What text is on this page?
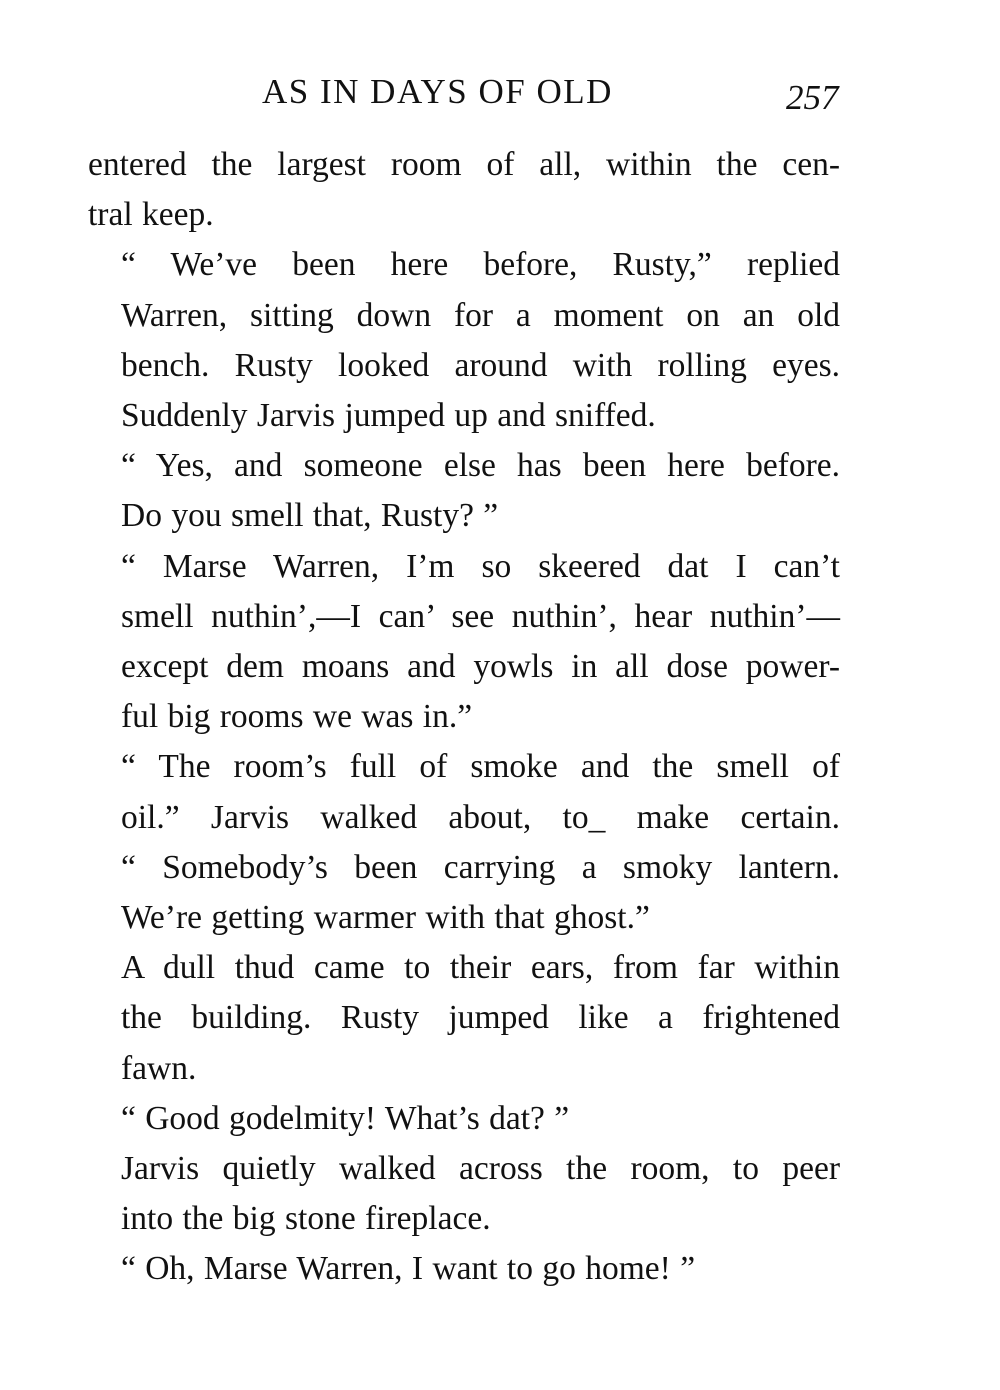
AS IN DAYS OF OLD	257

entered the largest room of all, within the cen-
tral keep.

“ We’ve been here before, Rusty,” replied
Warren, sitting down for a moment on an old
bench. Rusty looked around with rolling eyes.

Suddenly Jarvis jumped up and sniffed.

“ Yes, and someone else has been here before.
Do you smell that, Rusty? ”

“ Marse Warren, I’m so skeered dat I can’t
smell nuthin’,—I can’ see nuthin’, hear nuthin’—
except dem moans and yowls in all dose power-
ful big rooms we was in.”

“ The room’s full of smoke and the smell of
oil.” Jarvis walked about, to_ make certain.
“ Somebody’s been carrying a smoky lantern.
We’re getting warmer with that ghost.”

A dull thud came to their ears, from far within
the building. Rusty jumped like a frightened
fawn.

“ Good godelmity! What’s dat? ”

Jarvis quietly walked across the room, to peer
into the big stone fireplace.

“ Oh, Marse Warren, I want to go home! ”
